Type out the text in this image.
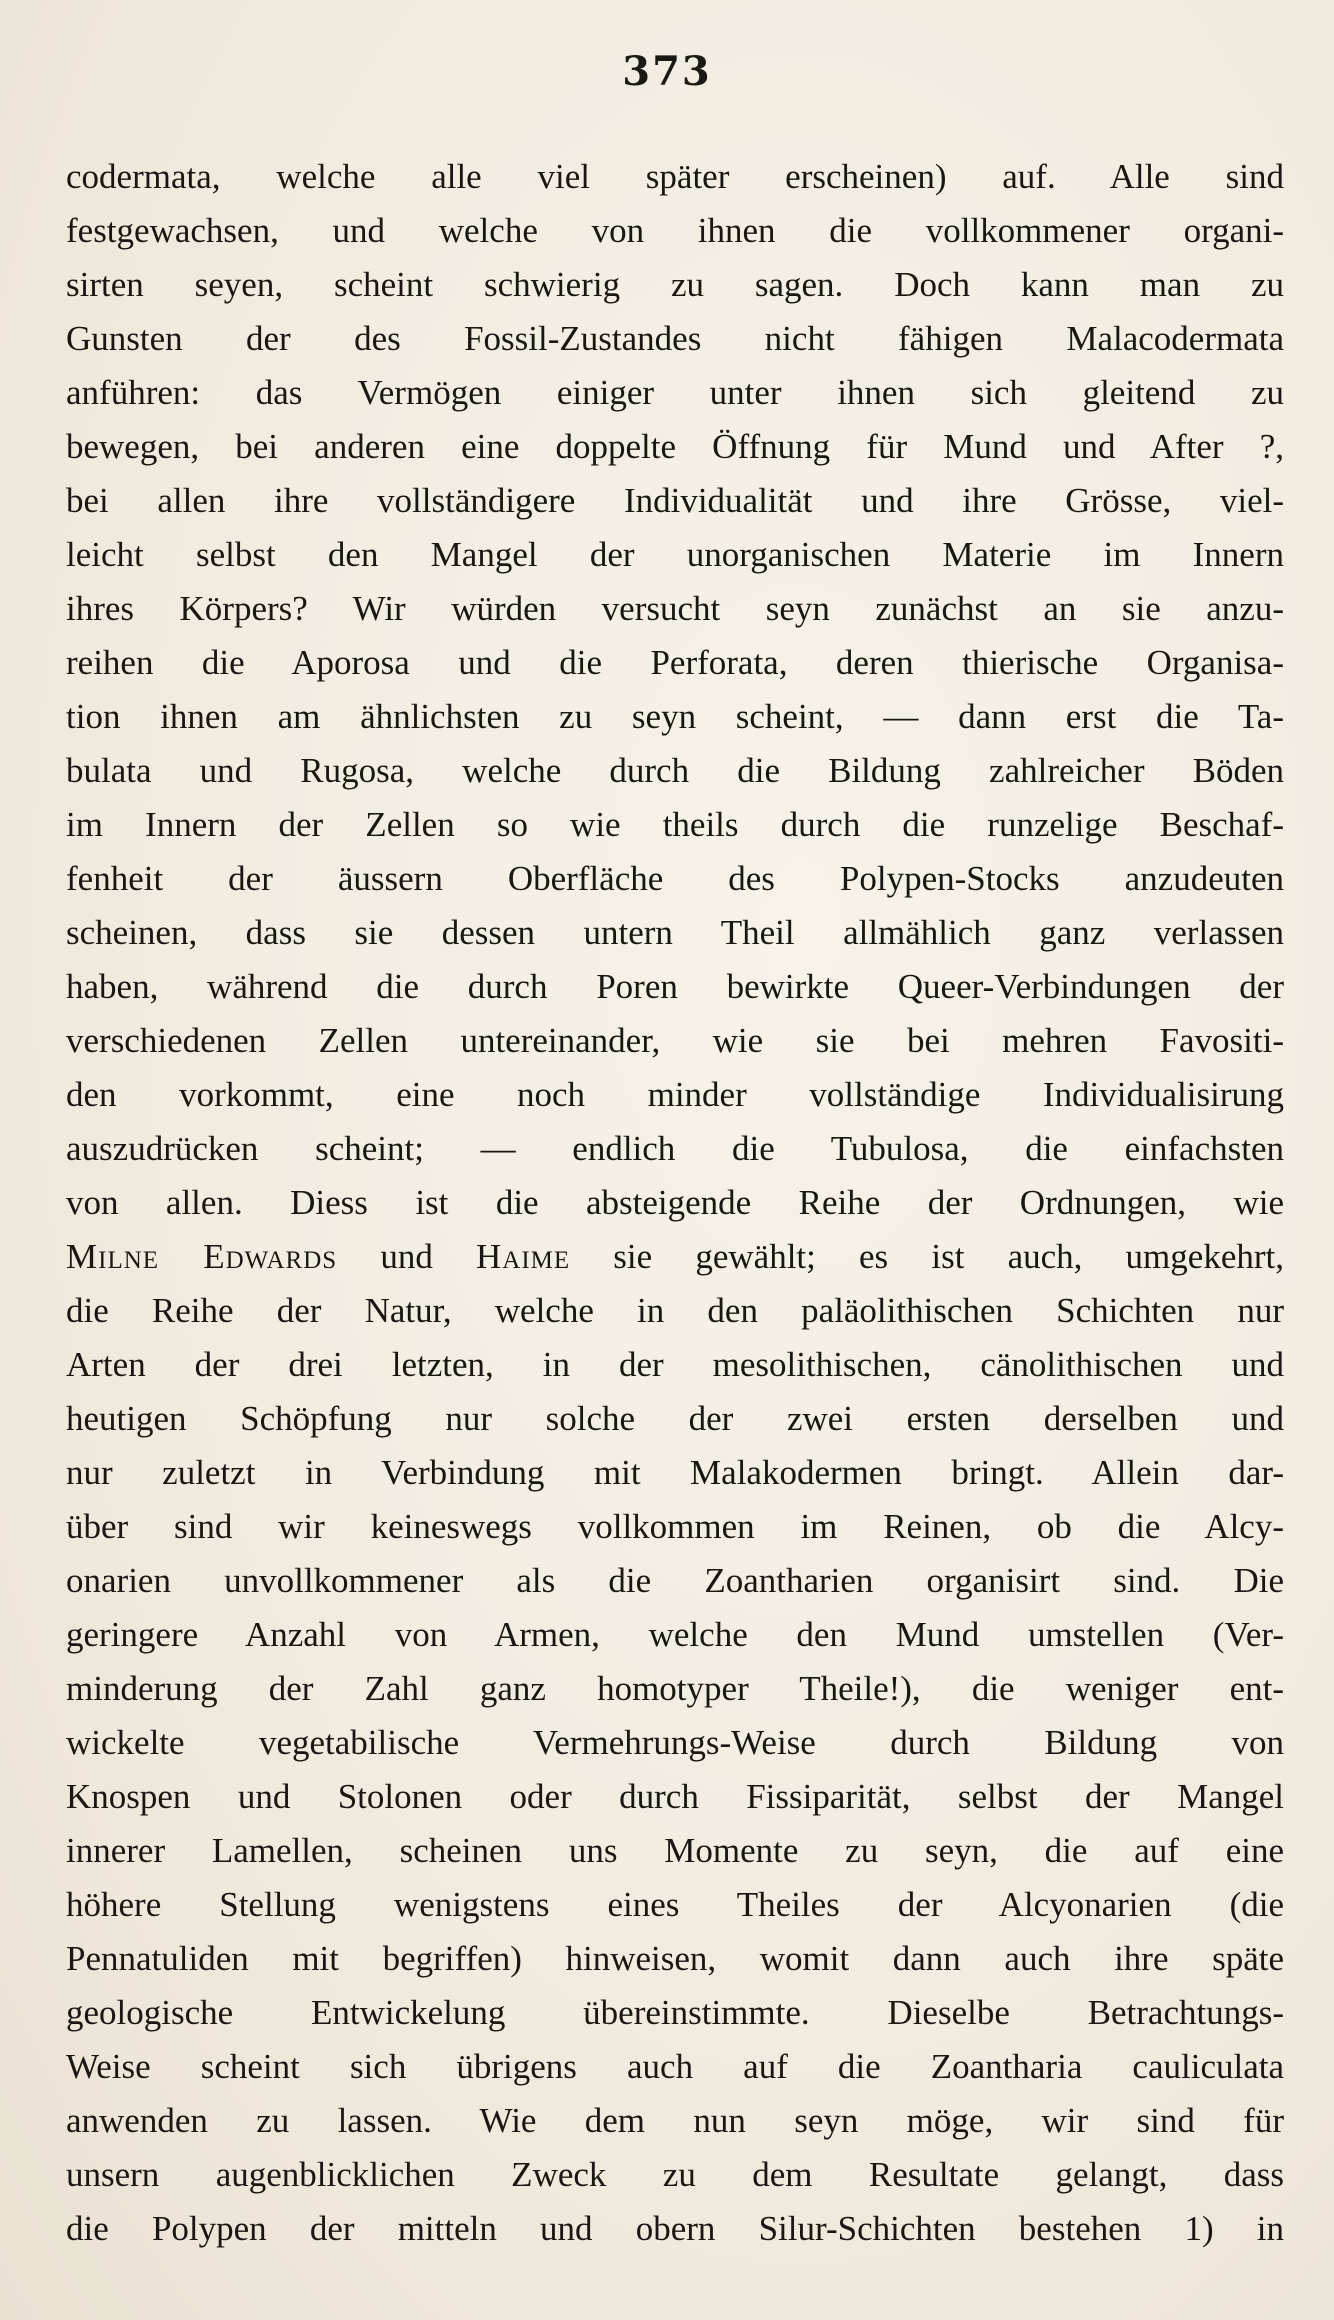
373
codermata, welche alle viel später erscheinen) auf. Alle sind
festgewachsen, und welche von ihnen die vollkommener organi-
sirten seyen, scheint schwierig zu sagen. Doch kann man zu
Gunsten der des Fossil-Zustandes nicht fähigen Malacodermata
anführen: das Vermögen einiger unter ihnen sich gleitend zu
bewegen, bei anderen eine doppelte Öffnung für Mund und After ?,
bei allen ihre vollständigere Individualität und ihre Grösse, viel-
leicht selbst den Mangel der unorganischen Materie im Innern
ihres Körpers? Wir würden versucht seyn zunächst an sie anzu-
reihen die Aporosa und die Perforata, deren thierische Organisa-
tion ihnen am ähnlichsten zu seyn scheint, — dann erst die Ta-
bulata und Rugosa, welche durch die Bildung zahlreicher Böden
im Innern der Zellen so wie theils durch die runzelige Beschaf-
fenheit der äussern Oberfläche des Polypen-Stocks anzudeuten
scheinen, dass sie dessen untern Theil allmählich ganz verlassen
haben, während die durch Poren bewirkte Queer-Verbindungen der
verschiedenen Zellen untereinander, wie sie bei mehren Favositi-
den vorkommt, eine noch minder vollständige Individualisirung
auszudrücken scheint; — endlich die Tubulosa, die einfachsten
von allen. Diess ist die absteigende Reihe der Ordnungen, wie
Milne Edwards und Haime sie gewählt; es ist auch, umgekehrt,
die Reihe der Natur, welche in den paläolithischen Schichten nur
Arten der drei letzten, in der mesolithischen, cänolithischen und
heutigen Schöpfung nur solche der zwei ersten derselben und
nur zuletzt in Verbindung mit Malakodermen bringt. Allein dar-
über sind wir keineswegs vollkommen im Reinen, ob die Alcy-
onarien unvollkommener als die Zoantharien organisirt sind. Die
geringere Anzahl von Armen, welche den Mund umstellen (Ver-
minderung der Zahl ganz homotyper Theile!), die weniger ent-
wickelte vegetabilische Vermehrungs-Weise durch Bildung von
Knospen und Stolonen oder durch Fissiparität, selbst der Mangel
innerer Lamellen, scheinen uns Momente zu seyn, die auf eine
höhere Stellung wenigstens eines Theiles der Alcyonarien (die
Pennatuliden mit begriffen) hinweisen, womit dann auch ihre späte
geologische Entwickelung übereinstimmte. Dieselbe Betrachtungs-
Weise scheint sich übrigens auch auf die Zoantharia cauliculata
anwenden zu lassen. Wie dem nun seyn möge, wir sind für
unsern augenblicklichen Zweck zu dem Resultate gelangt, dass
die Polypen der mitteln und obern Silur-Schichten bestehen 1) in
